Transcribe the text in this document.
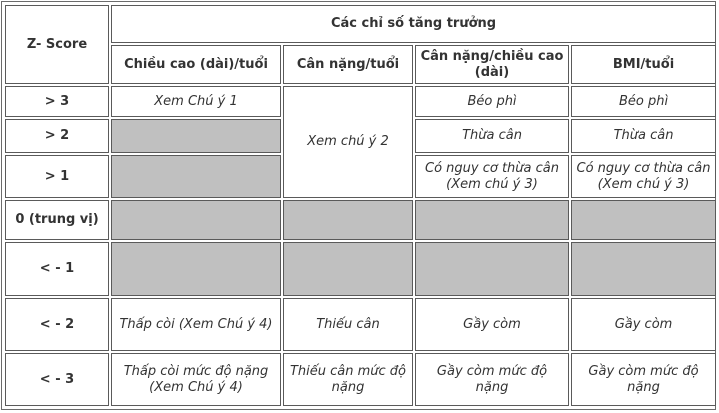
Z- Score	Các chỉ số tăng trưởng			
	Chiều cao (dài)/tuổi	Cân nặng/tuổi	Cân nặng/chiều cao (dài)	BMI/tuổi
> 3	Xem Chú ý 1	Xem chú ý 2	Béo phì	Béo phì
> 2			Thừa cân	Thừa cân
> 1			Có nguy cơ thừa cân (Xem chú ý 3)	Có nguy cơ thừa cân (Xem chú ý 3)
0 (trung vị)				
< - 1				
< - 2	Thấp còi (Xem Chú ý 4)	Thiếu cân	Gầy còm	Gầy còm
< - 3	Thấp còi mức độ nặng (Xem Chú ý 4)	Thiếu cân mức độ nặng	Gầy còm mức độ nặng	Gầy còm mức độ nặng
